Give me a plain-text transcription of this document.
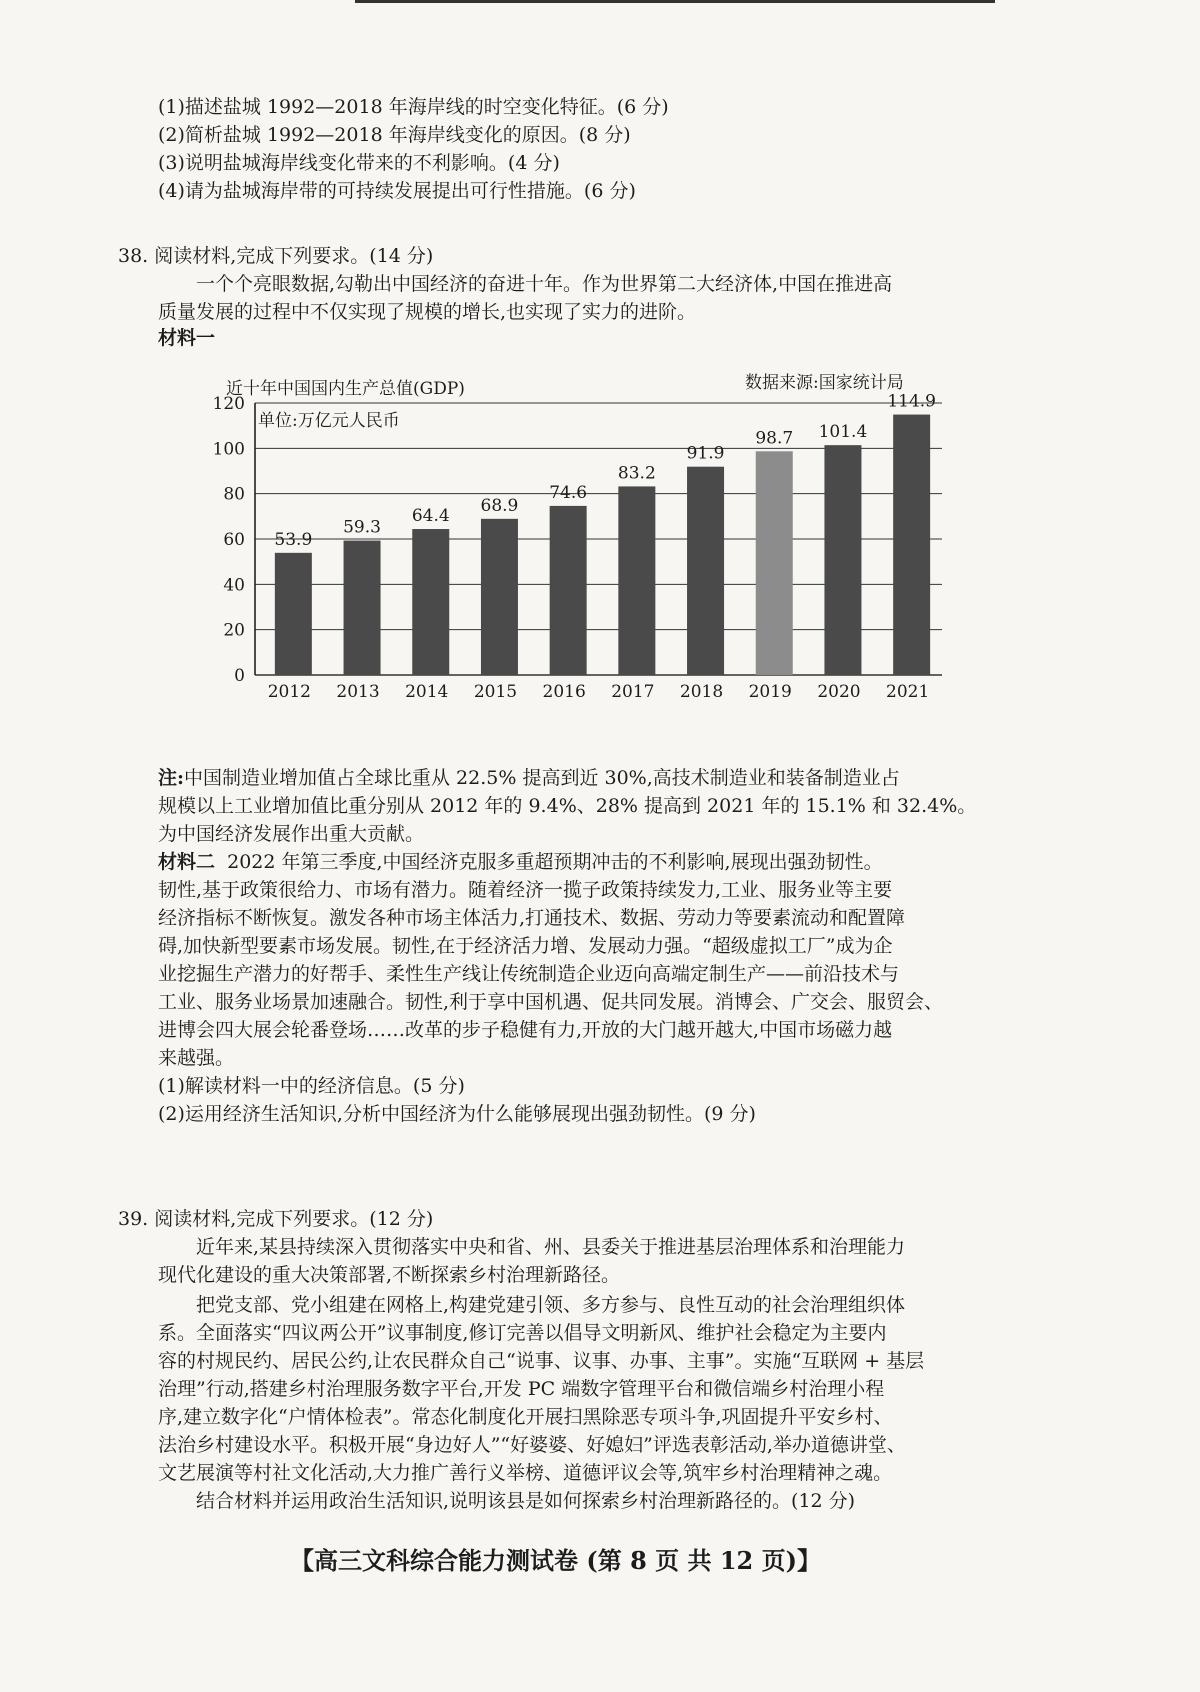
(1)描述盐城 1992—2018 年海岸线的时空变化特征。(6 分)
(2)简析盐城 1992—2018 年海岸线变化的原因。(8 分)
(3)说明盐城海岸线变化带来的不利影响。(4 分)
(4)请为盐城海岸带的可持续发展提出可行性措施。(6 分)
38. 阅读材料,完成下列要求。(14 分)
一个个亮眼数据,勾勒出中国经济的奋进十年。作为世界第二大经济体,中国在推进高
质量发展的过程中不仅实现了规模的增长,也实现了实力的进阶。
材料一
近十年中国国内生产总值(GDP)	数据来源:国家统计局
单位:万亿元人民币
53.9
59.3
64.4
68.9
74.6
83.2
91.9
98.7 101.4
114.9
0
20
40
60
80
100
120
2012 2013 2014 2015 2016 2017 2018 2019 2020 2021
注:中国制造业增加值占全球比重从 22.5% 提高到近 30%,高技术制造业和装备制造业占
规模以上工业增加值比重分别从 2012 年的 9.4%、28% 提高到 2021 年的 15.1% 和 32.4%。
为中国经济发展作出重大贡献。
材料二 2022 年第三季度,中国经济克服多重超预期冲击的不利影响,展现出强劲韧性。
韧性,基于政策很给力、市场有潜力。随着经济一揽子政策持续发力,工业、服务业等主要
经济指标不断恢复。激发各种市场主体活力,打通技术、数据、劳动力等要素流动和配置障
碍,加快新型要素市场发展。韧性,在于经济活力增、发展动力强。“超级虚拟工厂”成为企
业挖掘生产潜力的好帮手、柔性生产线让传统制造企业迈向高端定制生产——前沿技术与
工业、服务业场景加速融合。韧性,利于享中国机遇、促共同发展。消博会、广交会、服贸会、
进博会四大展会轮番登场……改革的步子稳健有力,开放的大门越开越大,中国市场磁力越
来越强。
(1)解读材料一中的经济信息。(5 分)
(2)运用经济生活知识,分析中国经济为什么能够展现出强劲韧性。(9 分)
39. 阅读材料,完成下列要求。(12 分)
近年来,某县持续深入贯彻落实中央和省、州、县委关于推进基层治理体系和治理能力
现代化建设的重大决策部署,不断探索乡村治理新路径。
把党支部、党小组建在网格上,构建党建引领、多方参与、良性互动的社会治理组织体
系。全面落实“四议两公开”议事制度,修订完善以倡导文明新风、维护社会稳定为主要内
容的村规民约、居民公约,让农民群众自己“说事、议事、办事、主事”。实施“互联网 + 基层
治理”行动,搭建乡村治理服务数字平台,开发 PC 端数字管理平台和微信端乡村治理小程
序,建立数字化“户情体检表”。常态化制度化开展扫黑除恶专项斗争,巩固提升平安乡村、
法治乡村建设水平。积极开展“身边好人”“好婆婆、好媳妇”评选表彰活动,举办道德讲堂、
文艺展演等村社文化活动,大力推广善行义举榜、道德评议会等,筑牢乡村治理精神之魂。
结合材料并运用政治生活知识,说明该县是如何探索乡村治理新路径的。(12 分)
【高三文科综合能力测试卷 (第 8 页 共 12 页)】
